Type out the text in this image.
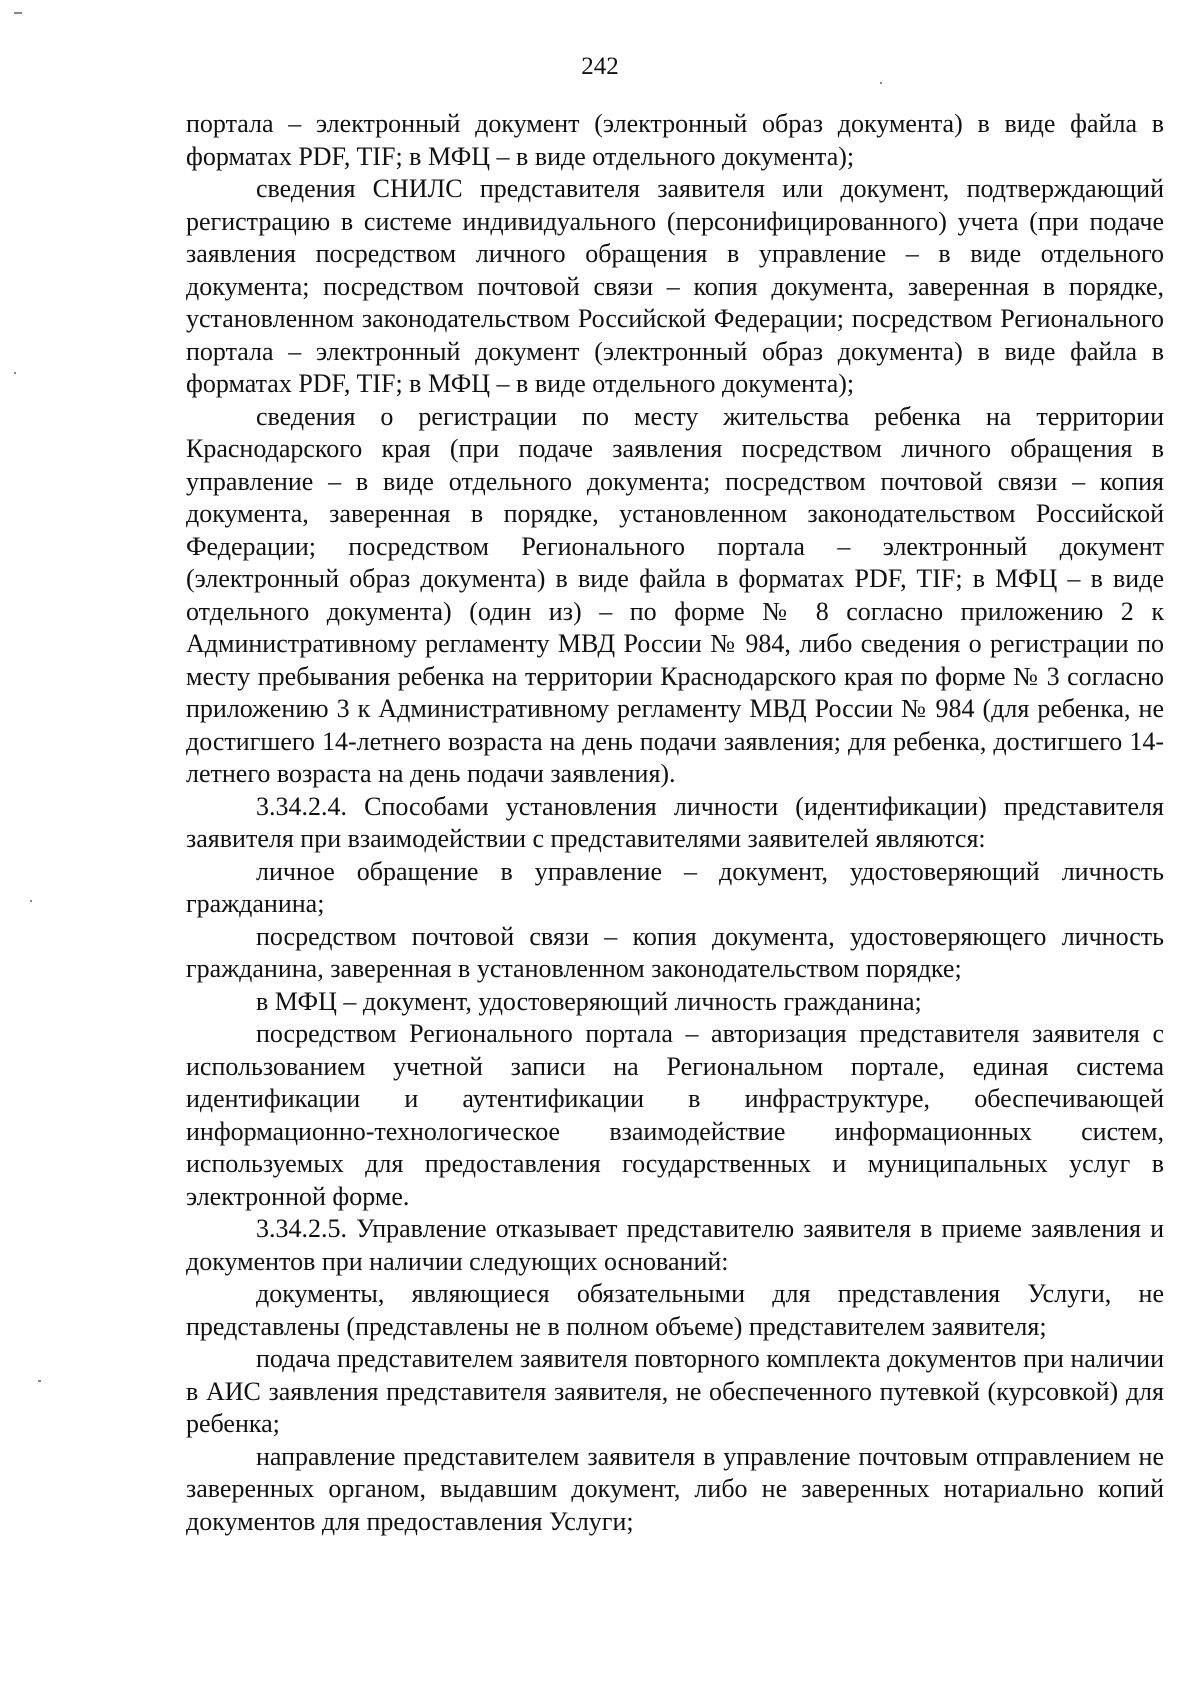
242

портала – электронный документ (электронный образ документа) в виде файла в форматах PDF, TIF; в МФЦ – в виде отдельного документа);

сведения СНИЛС представителя заявителя или документ, подтверждающий регистрацию в системе индивидуального (персонифицированного) учета (при подаче заявления посредством личного обращения в управление – в виде отдельного документа; посредством почтовой связи – копия документа, заверенная в порядке, установленном законодательством Российской Федерации; посредством Регионального портала – электронный документ (электронный образ документа) в виде файла в форматах PDF, TIF; в МФЦ – в виде отдельного документа);

сведения о регистрации по месту жительства ребенка на территории Краснодарского края (при подаче заявления посредством личного обращения в управление – в виде отдельного документа; посредством почтовой связи – копия документа, заверенная в порядке, установленном законодательством Российской Федерации; посредством Регионального портала – электронный документ (электронный образ документа) в виде файла в форматах PDF, TIF; в МФЦ – в виде отдельного документа) (один из) – по форме № 8 согласно приложению 2 к Административному регламенту МВД России № 984, либо сведения о регистрации по месту пребывания ребенка на территории Краснодарского края по форме № 3 согласно приложению 3 к Административному регламенту МВД России № 984 (для ребенка, не достигшего 14-летнего возраста на день подачи заявления; для ребенка, достигшего 14-летнего возраста на день подачи заявления).

3.34.2.4. Способами установления личности (идентификации) представителя заявителя при взаимодействии с представителями заявителей являются:

личное обращение в управление – документ, удостоверяющий личность гражданина;

посредством почтовой связи – копия документа, удостоверяющего личность гражданина, заверенная в установленном законодательством порядке;

в МФЦ – документ, удостоверяющий личность гражданина;

посредством Регионального портала – авторизация представителя заявителя с использованием учетной записи на Региональном портале, единая система идентификации и аутентификации в инфраструктуре, обеспечивающей информационно-технологическое взаимодействие информационных систем, используемых для предоставления государственных и муниципальных услуг в электронной форме.

3.34.2.5. Управление отказывает представителю заявителя в приеме заявления и документов при наличии следующих оснований:

документы, являющиеся обязательными для представления Услуги, не представлены (представлены не в полном объеме) представителем заявителя;

подача представителем заявителя повторного комплекта документов при наличии в АИС заявления представителя заявителя, не обеспеченного путевкой (курсовкой) для ребенка;

направление представителем заявителя в управление почтовым отправлением не заверенных органом, выдавшим документ, либо не заверенных нотариально копий документов для предоставления Услуги;
